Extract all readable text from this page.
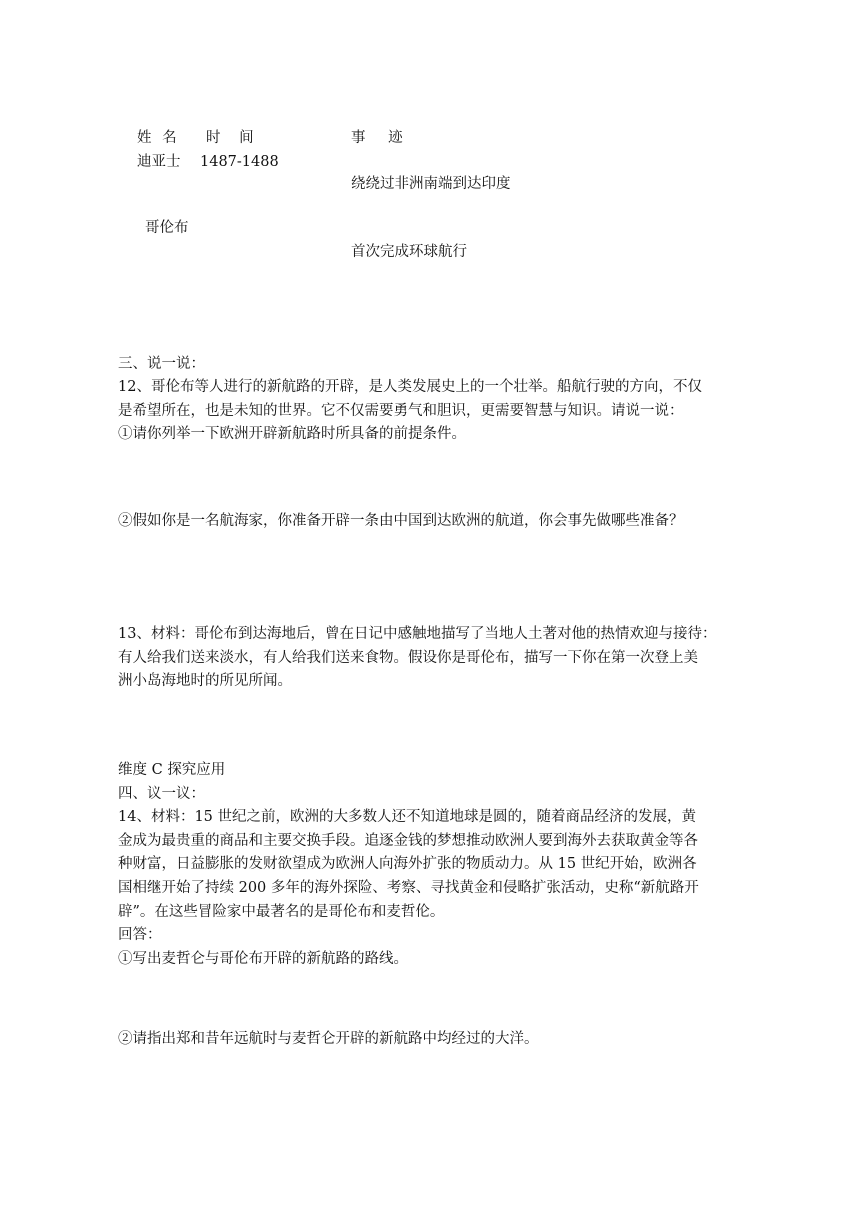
姓 名 时 间	事 迹
迪亚士 1487-1488
绕绕过非洲南端到达印度
哥伦布
首次完成环球航行
三、说一说：
12、哥伦布等人进行的新航路的开辟，是人类发展史上的一个壮举。船航行驶的方向，不仅
是希望所在，也是未知的世界。它不仅需要勇气和胆识，更需要智慧与知识。请说一说：
①请你列举一下欧洲开辟新航路时所具备的前提条件。
②假如你是一名航海家，你准备开辟一条由中国到达欧洲的航道，你会事先做哪些准备？
13、材料：哥伦布到达海地后，曾在日记中感触地描写了当地人土著对他的热情欢迎与接待：
有人给我们送来淡水，有人给我们送来食物。假设你是哥伦布，描写一下你在第一次登上美
洲小岛海地时的所见所闻。
维度 C 探究应用
四、议一议：
14、材料：15 世纪之前，欧洲的大多数人还不知道地球是圆的，随着商品经济的发展，黄
金成为最贵重的商品和主要交换手段。追逐金钱的梦想推动欧洲人要到海外去获取黄金等各
种财富，日益膨胀的发财欲望成为欧洲人向海外扩张的物质动力。从 15 世纪开始，欧洲各
国相继开始了持续 200 多年的海外探险、考察、寻找黄金和侵略扩张活动，史称“新航路开
辟”。在这些冒险家中最著名的是哥伦布和麦哲伦。
回答：
①写出麦哲仑与哥伦布开辟的新航路的路线。
②请指出郑和昔年远航时与麦哲仑开辟的新航路中均经过的大洋。
